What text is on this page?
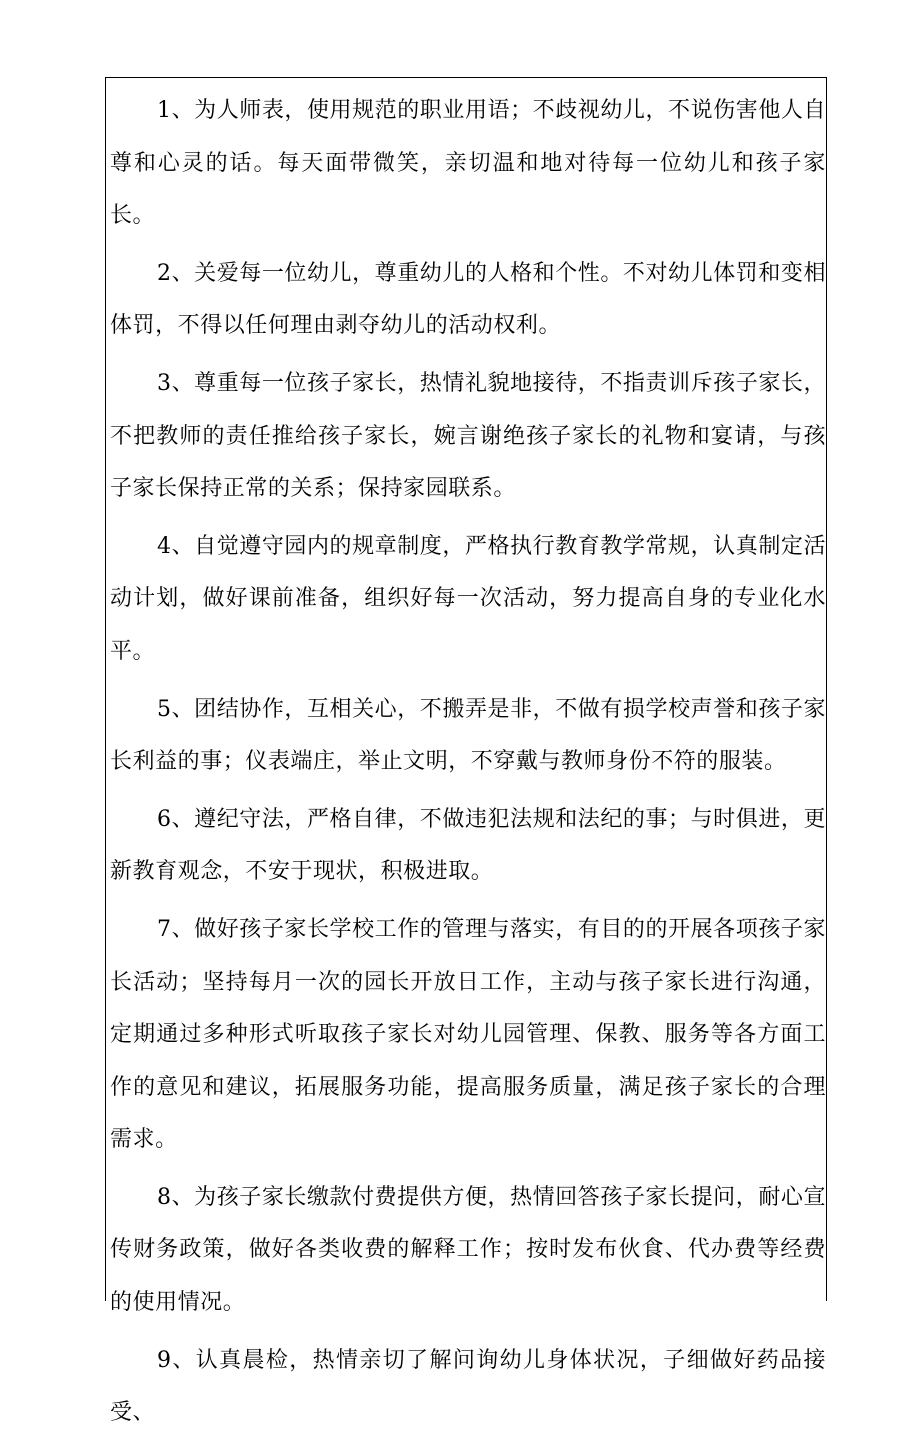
1、为人师表，使用规范的职业用语；不歧视幼儿，不说伤害他人自尊和心灵的话。每天面带微笑，亲切温和地对待每一位幼儿和孩子家长。

2、关爱每一位幼儿，尊重幼儿的人格和个性。不对幼儿体罚和变相体罚，不得以任何理由剥夺幼儿的活动权利。

3、尊重每一位孩子家长，热情礼貌地接待，不指责训斥孩子家长，不把教师的责任推给孩子家长，婉言谢绝孩子家长的礼物和宴请，与孩子家长保持正常的关系；保持家园联系。

4、自觉遵守园内的规章制度，严格执行教育教学常规，认真制定活动计划，做好课前准备，组织好每一次活动，努力提高自身的专业化水平。

5、团结协作，互相关心，不搬弄是非，不做有损学校声誉和孩子家长利益的事；仪表端庄，举止文明，不穿戴与教师身份不符的服装。

6、遵纪守法，严格自律，不做违犯法规和法纪的事；与时俱进，更新教育观念，不安于现状，积极进取。

7、做好孩子家长学校工作的管理与落实，有目的的开展各项孩子家长活动；坚持每月一次的园长开放日工作，主动与孩子家长进行沟通，定期通过多种形式听取孩子家长对幼儿园管理、保教、服务等各方面工作的意见和建议，拓展服务功能，提高服务质量，满足孩子家长的合理需求。

8、为孩子家长缴款付费提供方便，热情回答孩子家长提问，耐心宣传财务政策，做好各类收费的解释工作；按时发布伙食、代办费等经费的使用情况。

9、认真晨检，热情亲切了解问询幼儿身体状况，子细做好药品接受、
